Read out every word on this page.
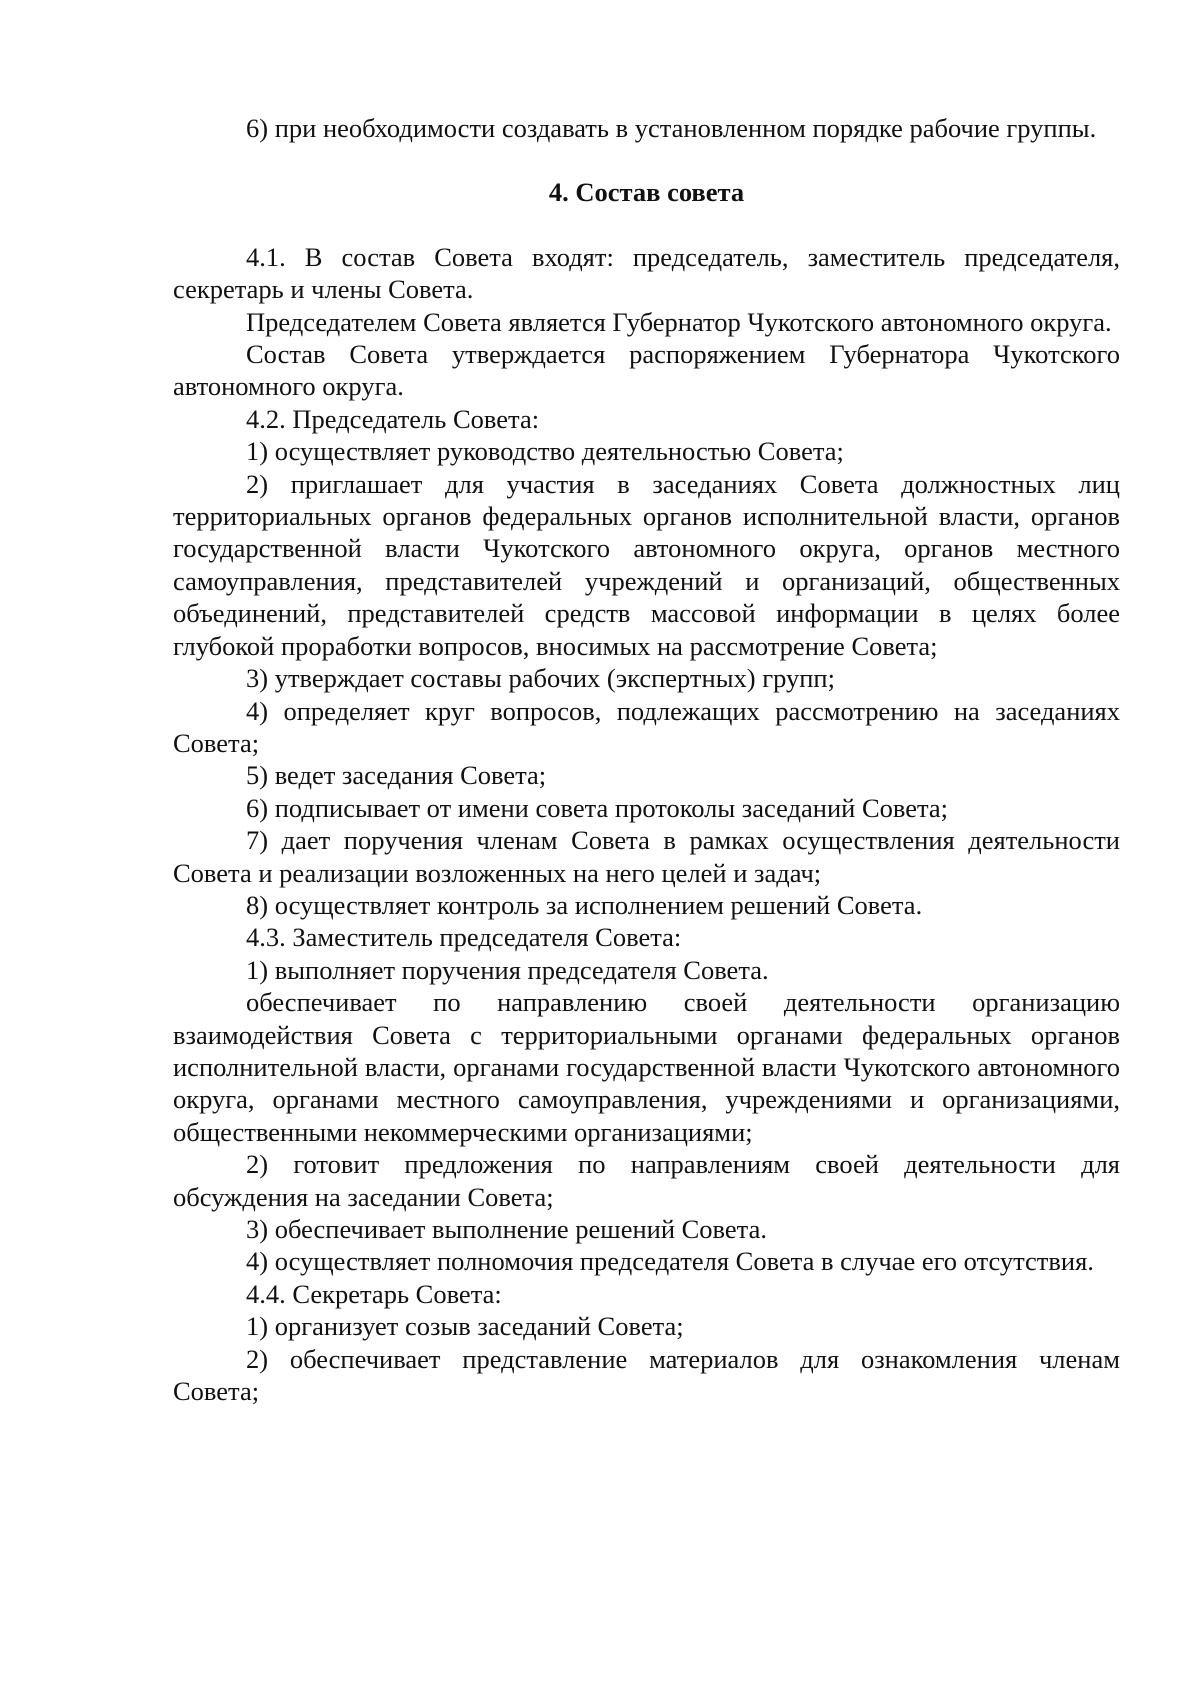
6) при необходимости создавать в установленном порядке рабочие группы.

4. Состав совета

4.1. В состав Совета входят: председатель, заместитель председателя, секретарь и члены Совета.

Председателем Совета является Губернатор Чукотского автономного округа.

Состав Совета утверждается распоряжением Губернатора Чукотского автономного округа.

4.2. Председатель Совета:

1) осуществляет руководство деятельностью Совета;

2) приглашает для участия в заседаниях Совета должностных лиц территориальных органов федеральных органов исполнительной власти, органов государственной власти Чукотского автономного округа, органов местного самоуправления, представителей учреждений и организаций, общественных объединений, представителей средств массовой информации в целях более глубокой проработки вопросов, вносимых на рассмотрение Совета;

3) утверждает составы рабочих (экспертных) групп;

4) определяет круг вопросов, подлежащих рассмотрению на заседаниях Совета;

5) ведет заседания Совета;

6) подписывает от имени совета протоколы заседаний Совета;

7) дает поручения членам Совета в рамках осуществления деятельности Совета и реализации возложенных на него целей и задач;

8) осуществляет контроль за исполнением решений Совета.

4.3. Заместитель председателя Совета:

1) выполняет поручения председателя Совета.

обеспечивает по направлению своей деятельности организацию взаимодействия Совета с территориальными органами федеральных органов исполнительной власти, органами государственной власти Чукотского автономного округа, органами местного самоуправления, учреждениями и организациями, общественными некоммерческими организациями;

2) готовит предложения по направлениям своей деятельности для обсуждения на заседании Совета;

3) обеспечивает выполнение решений Совета.

4) осуществляет полномочия председателя Совета в случае его отсутствия.

4.4. Секретарь Совета:

1) организует созыв заседаний Совета;

2) обеспечивает представление материалов для ознакомления членам Совета;
